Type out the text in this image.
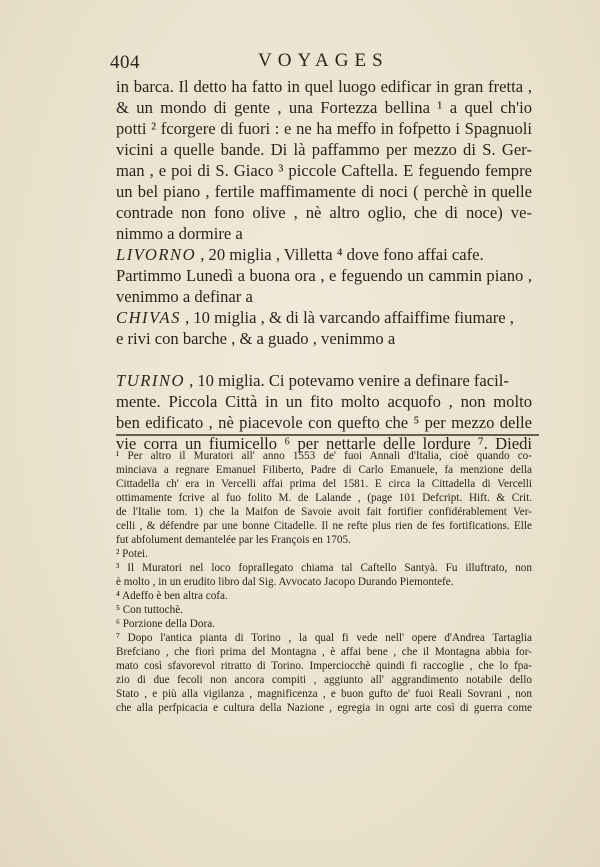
404	VOYAGES
in barca. Il detto ha fatto in quel luogo edificar in gran fretta ,
& un mondo di gente , una Fortezza bellina ¹ a quel ch'io
potti ² fcorgere di fuori : e ne ha meffo in fofpetto i Spagnuoli
vicini a quelle bande. Di là paffammo per mezzo di S. Ger-
man , e poi di S. Giaco ³ piccole Caftella. E feguendo fempre
un bel piano , fertile maffimamente di noci ( perchè in quelle
contrade non fono olive , nè altro oglio, che di noce) ve-
nimmo a dormire a
LIVORNO , 20 miglia , Villetta ⁴ dove fono affai cafe.
Partimmo Lunedì a buona ora , e feguendo un cammin piano ,
venimmo a definar a
CHIVAS , 10 miglia , & di là varcando affaiffime fiumare ,
e rivi con barche , & a guado , venimmo a
TURINO , 10 miglia. Ci potevamo venire a definare facil-
mente. Piccola Città in un fito molto acquofo , non molto
ben edificato , nè piacevole con quefto che ⁵ per mezzo delle
vie corra un fiumicello ⁶ per nettarle delle lordure ⁷. Diedi
¹ Per altro il Muratori all' anno 1553 de' fuoi Annali d'Italia, cioè quando co-
minciava a regnare Emanuel Filiberto, Padre di Carlo Emanuele, fa menzione della
Cittadella ch' era in Vercelli affai prima del 1581. E circa la Cittadella di Vercelli
ottimamente fcrive al fuo folito M. de Lalande , (page 101 Defcript. Hift. & Crit.
de l'Italie tom. 1) che la Maifon de Savoie avoit fait fortifier confidérablement Ver-
celli , & défendre par une bonne Citadelle. Il ne refte plus rien de fes fortifications. Elle
fut abfolument demantelée par les François en 1705.
² Potei.
³ Il Muratori nel loco fopraIlegato chiama tal Caftello Santyà. Fu illuftrato, non
è molto , in un erudito libro dal Sig. Avvocato Jacopo Durando Piemontefe.
⁴ Adeffo è ben altra cofa.
⁵ Con tuttochè.
⁶ Porzione della Dora.
⁷ Dopo l'antica pianta di Torino , la qual fi vede nell' opere d'Andrea Tartaglia
Brefciano , che fiorì prima del Montagna , è affai bene , che il Montagna abbia for-
mato così sfavorevol ritratto di Torino. Imperciocchè quindi fi raccoglie , che lo fpa-
zio di due fecoli non ancora compiti , aggiunto all' aggrandimento notabile dello
Stato , e più alla vigilanza , magnificenza , e buon gufto de' fuoi Reali Sovrani , non
che alla perfpicacia e cultura della Nazione , egregia in ogni arte così di guerra come
